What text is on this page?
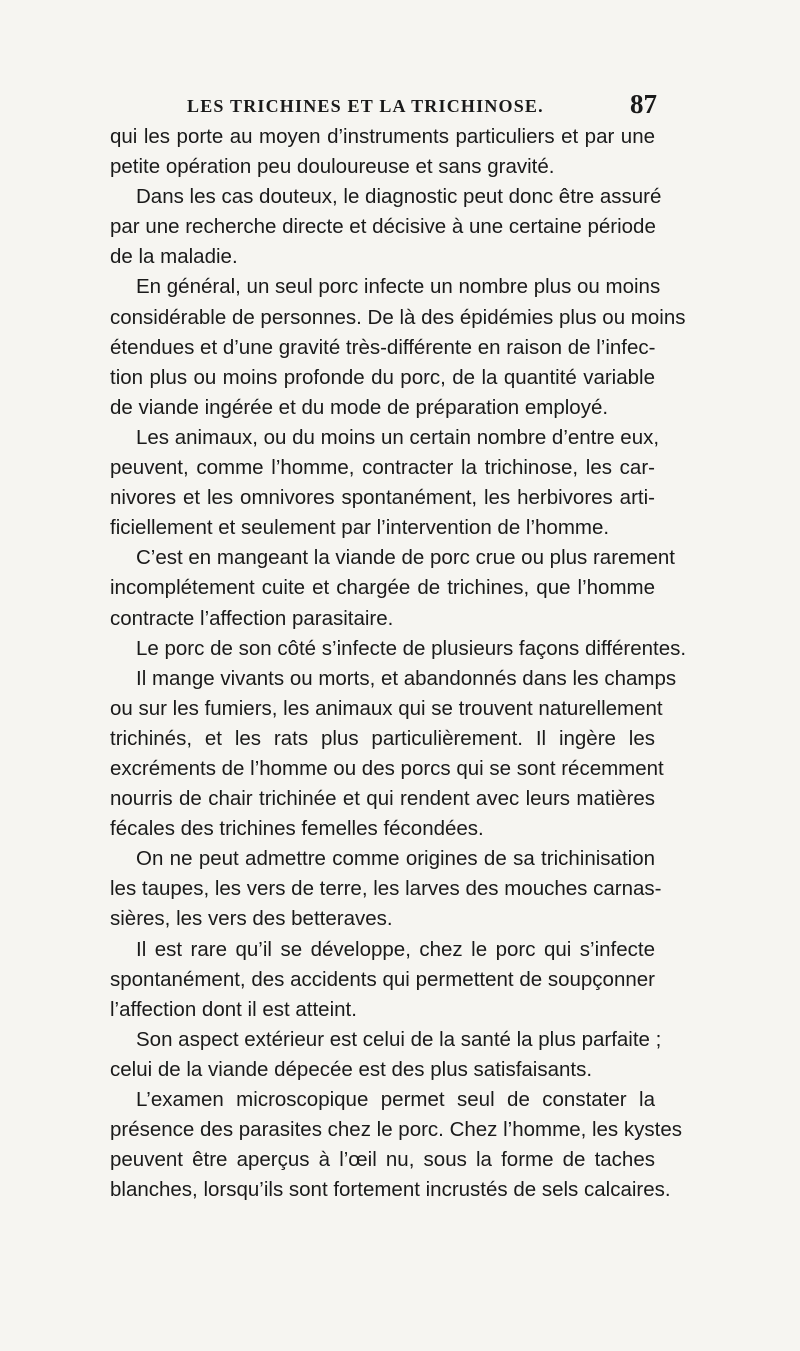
LES TRICHINES ET LA TRICHINOSE.	87
qui les porte au moyen d’instruments particuliers et par une
petite opération peu douloureuse et sans gravité.
Dans les cas douteux, le diagnostic peut donc être assuré
par une recherche directe et décisive à une certaine période
de la maladie.
En général, un seul porc infecte un nombre plus ou moins
considérable de personnes. De là des épidémies plus ou moins
étendues et d’une gravité très-différente en raison de l’infec-
tion plus ou moins profonde du porc, de la quantité variable
de viande ingérée et du mode de préparation employé.
Les animaux, ou du moins un certain nombre d’entre eux,
peuvent, comme l’homme, contracter la trichinose, les car-
nivores et les omnivores spontanément, les herbivores arti-
ficiellement et seulement par l’intervention de l’homme.
C’est en mangeant la viande de porc crue ou plus rarement
incomplétement cuite et chargée de trichines, que l’homme
contracte l’affection parasitaire.
Le porc de son côté s’infecte de plusieurs façons différentes.
Il mange vivants ou morts, et abandonnés dans les champs
ou sur les fumiers, les animaux qui se trouvent naturellement
trichinés, et les rats plus particulièrement. Il ingère les
excréments de l’homme ou des porcs qui se sont récemment
nourris de chair trichinée et qui rendent avec leurs matières
fécales des trichines femelles fécondées.
On ne peut admettre comme origines de sa trichinisation
les taupes, les vers de terre, les larves des mouches carnas-
sières, les vers des betteraves.
Il est rare qu’il se développe, chez le porc qui s’infecte
spontanément, des accidents qui permettent de soupçonner
l’affection dont il est atteint.
Son aspect extérieur est celui de la santé la plus parfaite ;
celui de la viande dépecée est des plus satisfaisants.
L’examen microscopique permet seul de constater la
présence des parasites chez le porc. Chez l’homme, les kystes
peuvent être aperçus à l’œil nu, sous la forme de taches
blanches, lorsqu’ils sont fortement incrustés de sels calcaires.
